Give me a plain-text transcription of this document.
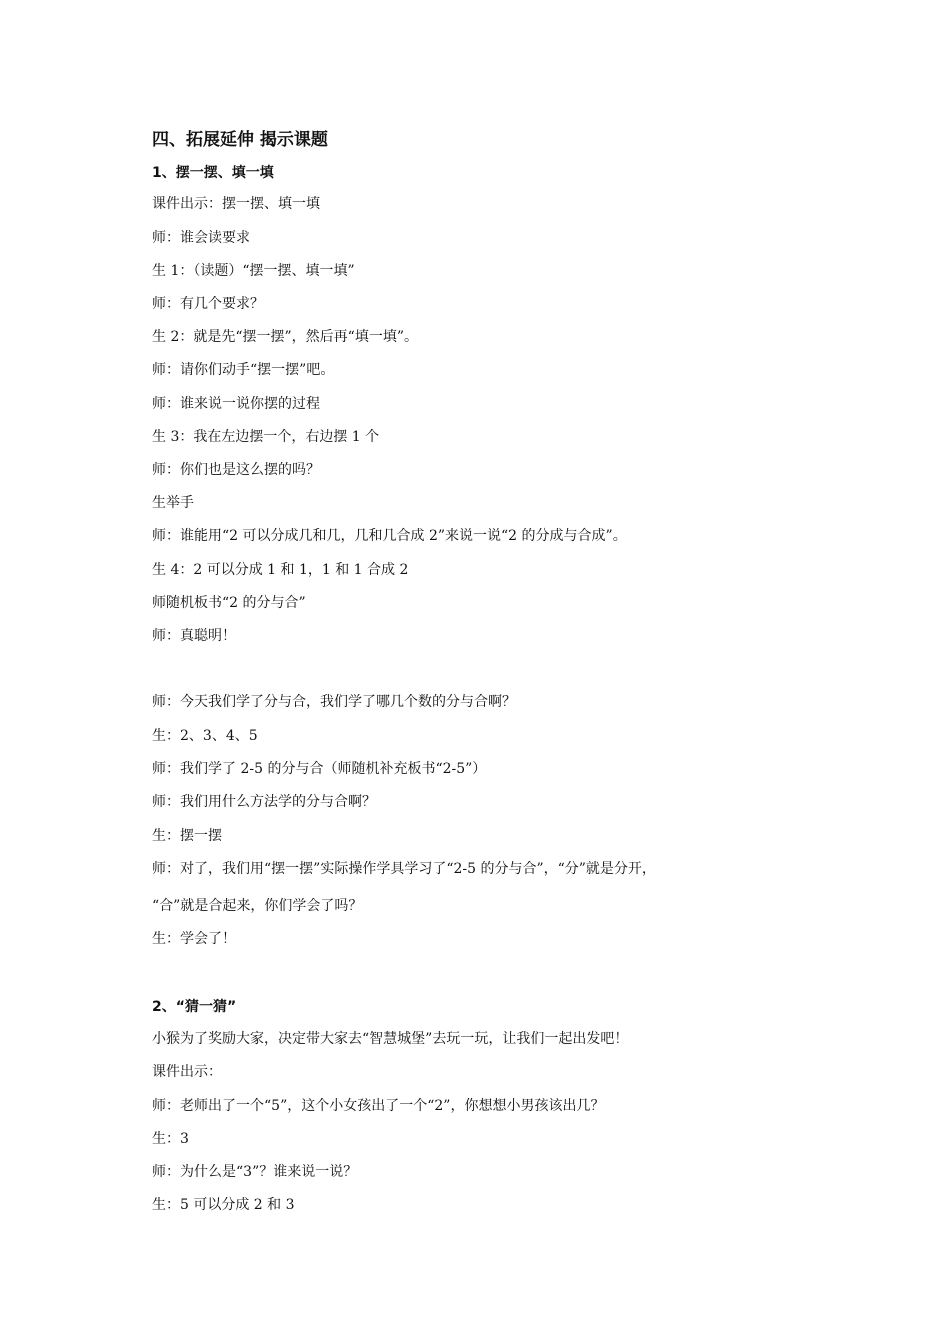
四、拓展延伸 揭示课题
1、摆一摆、填一填
课件出示：摆一摆、填一填
师：谁会读要求
生 1：（读题）“摆一摆、填一填”
师：有几个要求？
生 2：就是先“摆一摆”，然后再“填一填”。
师：请你们动手“摆一摆”吧。
师：谁来说一说你摆的过程
生 3：我在左边摆一个，右边摆 1 个
师：你们也是这么摆的吗？
生举手
师：谁能用“2 可以分成几和几，几和几合成 2”来说一说“2 的分成与合成”。
生 4：2 可以分成 1 和 1，1 和 1 合成 2
师随机板书“2 的分与合”
师：真聪明！
师：今天我们学了分与合，我们学了哪几个数的分与合啊？
生：2、3、4、5
师：我们学了 2-5 的分与合（师随机补充板书“2-5”）
师：我们用什么方法学的分与合啊？
生：摆一摆
师：对了，我们用“摆一摆”实际操作学具学习了“2-5 的分与合”，“分”就是分开，
“合”就是合起来，你们学会了吗？
生：学会了！
2、“猜一猜”
小猴为了奖励大家，决定带大家去“智慧城堡”去玩一玩，让我们一起出发吧！
课件出示：
师：老师出了一个“5”，这个小女孩出了一个“2”，你想想小男孩该出几？
生：3
师：为什么是“3”？谁来说一说？
生：5 可以分成 2 和 3
